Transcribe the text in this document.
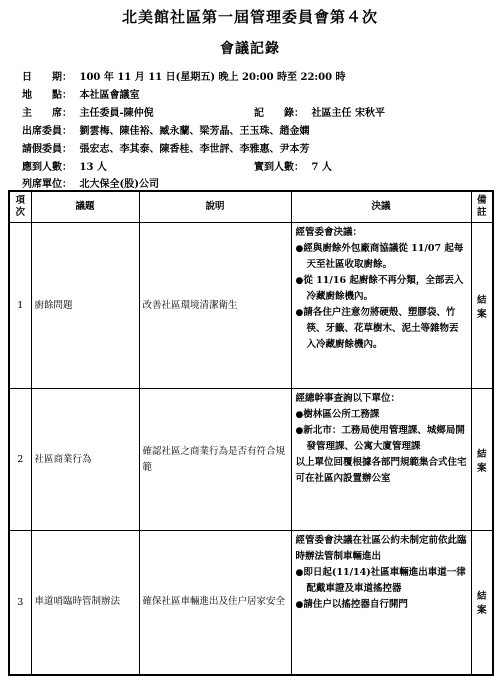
北美館社區第一屆管理委員會第４次
會議記錄
日　　期： 100 年 11 月 11 日(星期五) 晚上 20:00 時至 22:00 時
地　　點： 本社區會議室
主　　席： 主任委員-陳仲倪	記　　錄： 社區主任 宋秋平
出席委員： 劉雲梅、陳佳裕、臧永蘭、梁芳晶、王玉珠、趙金嫻
請假委員： 張宏志、李其泰、陳香桂、李世評、李雅惠、尹本芳
應到人數： 13 人	實到人數： 7 人
列席單位： 北大保全(股)公司
項次	議題	說明	決議	備註
1	廚餘問題	改善社區環境清潔衛生	經管委會決議：
●經與廚餘外包廠商協議從 11/07 起每天至社區收取廚餘。
●從 11/16 起廚餘不再分類，全部丟入冷藏廚餘機內。
●請各住户注意勿將硬殼、塑膠袋、竹筷、牙籤、花草樹木、泥土等雜物丟入冷藏廚餘機內。	結案
2	社區商業行為	確認社區之商業行為是否有符合規範	經總幹事查詢以下單位：
●樹林區公所工務課
●新北市：工務局使用管理課、城鄉局開發管理課、公寓大廈管理課
以上單位回覆根據各部門規範集合式住宅可在社區內設置辦公室	結案
3	車道哨臨時管制辦法	確保社區車輛進出及住户居家安全	經管委會決議在社區公約未制定前依此臨時辦法管制車輛進出
●即日起(11/14)社區車輛進出車道一律配戴車證及車道搖控器
●請住户以搖控器自行開門	結案
